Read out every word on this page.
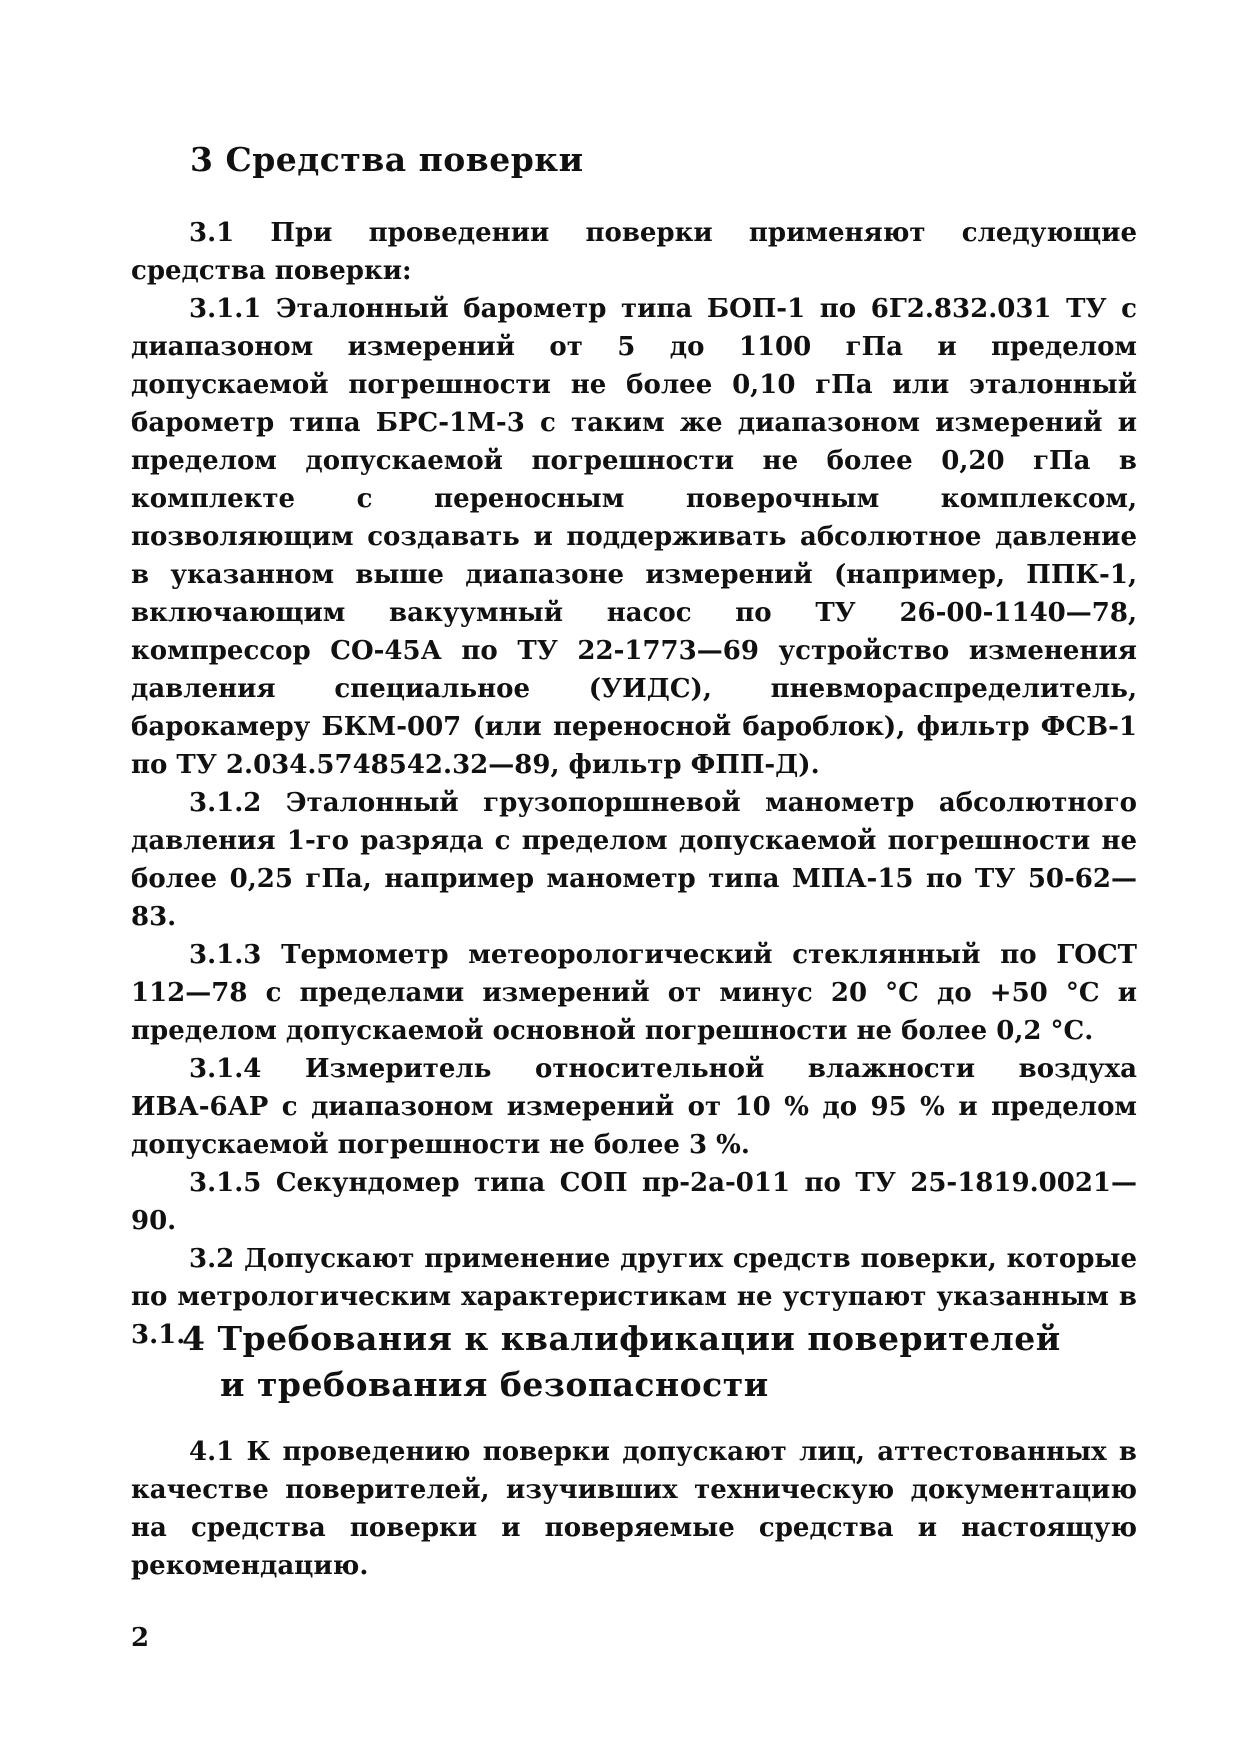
3 Средства поверки

3.1 При проведении поверки применяют следующие средства поверки:

3.1.1 Эталонный барометр типа БОП-1 по 6Г2.832.031 ТУ с диапазоном измерений от 5 до 1100 гПа и пределом допускаемой погрешности не более 0,10 гПа или эталонный барометр типа БРС-1М-3 с таким же диапазоном измерений и пределом допускаемой погрешности не более 0,20 гПа в комплекте с переносным поверочным комплексом, позволяющим создавать и поддерживать абсолютное давление в указанном выше диапазоне измерений (например, ППК-1, включающим вакуумный насос по ТУ 26-00-1140—78, компрессор СО-45А по ТУ 22-1773—69 устройство изменения давления специальное (УИДС), пневмораспределитель, барокамеру БКМ-007 (или переносной бароблок), фильтр ФСВ-1 по ТУ 2.034.5748542.32—89, фильтр ФПП-Д).

3.1.2 Эталонный грузопоршневой манометр абсолютного давления 1-го разряда с пределом допускаемой погрешности не более 0,25 гПа, например манометр типа МПА-15 по ТУ 50-62—83.

3.1.3 Термометр метеорологический стеклянный по ГОСТ 112—78 с пределами измерений от минус 20 °С до +50 °С и пределом допускаемой основной погрешности не более 0,2 °С.

3.1.4 Измеритель относительной влажности воздуха ИВА-6АР с диапазоном измерений от 10 % до 95 % и пределом допускаемой погрешности не более 3 %.

3.1.5 Секундомер типа СОП пр-2а-011 по ТУ 25-1819.0021—90.

3.2 Допускают применение других средств поверки, которые по метрологическим характеристикам не уступают указанным в 3.1.

4 Требования к квалификации поверителей
и требования безопасности

4.1 К проведению поверки допускают лиц, аттестованных в качестве поверителей, изучивших техническую документацию на средства поверки и поверяемые средства и настоящую рекомендацию.

2
